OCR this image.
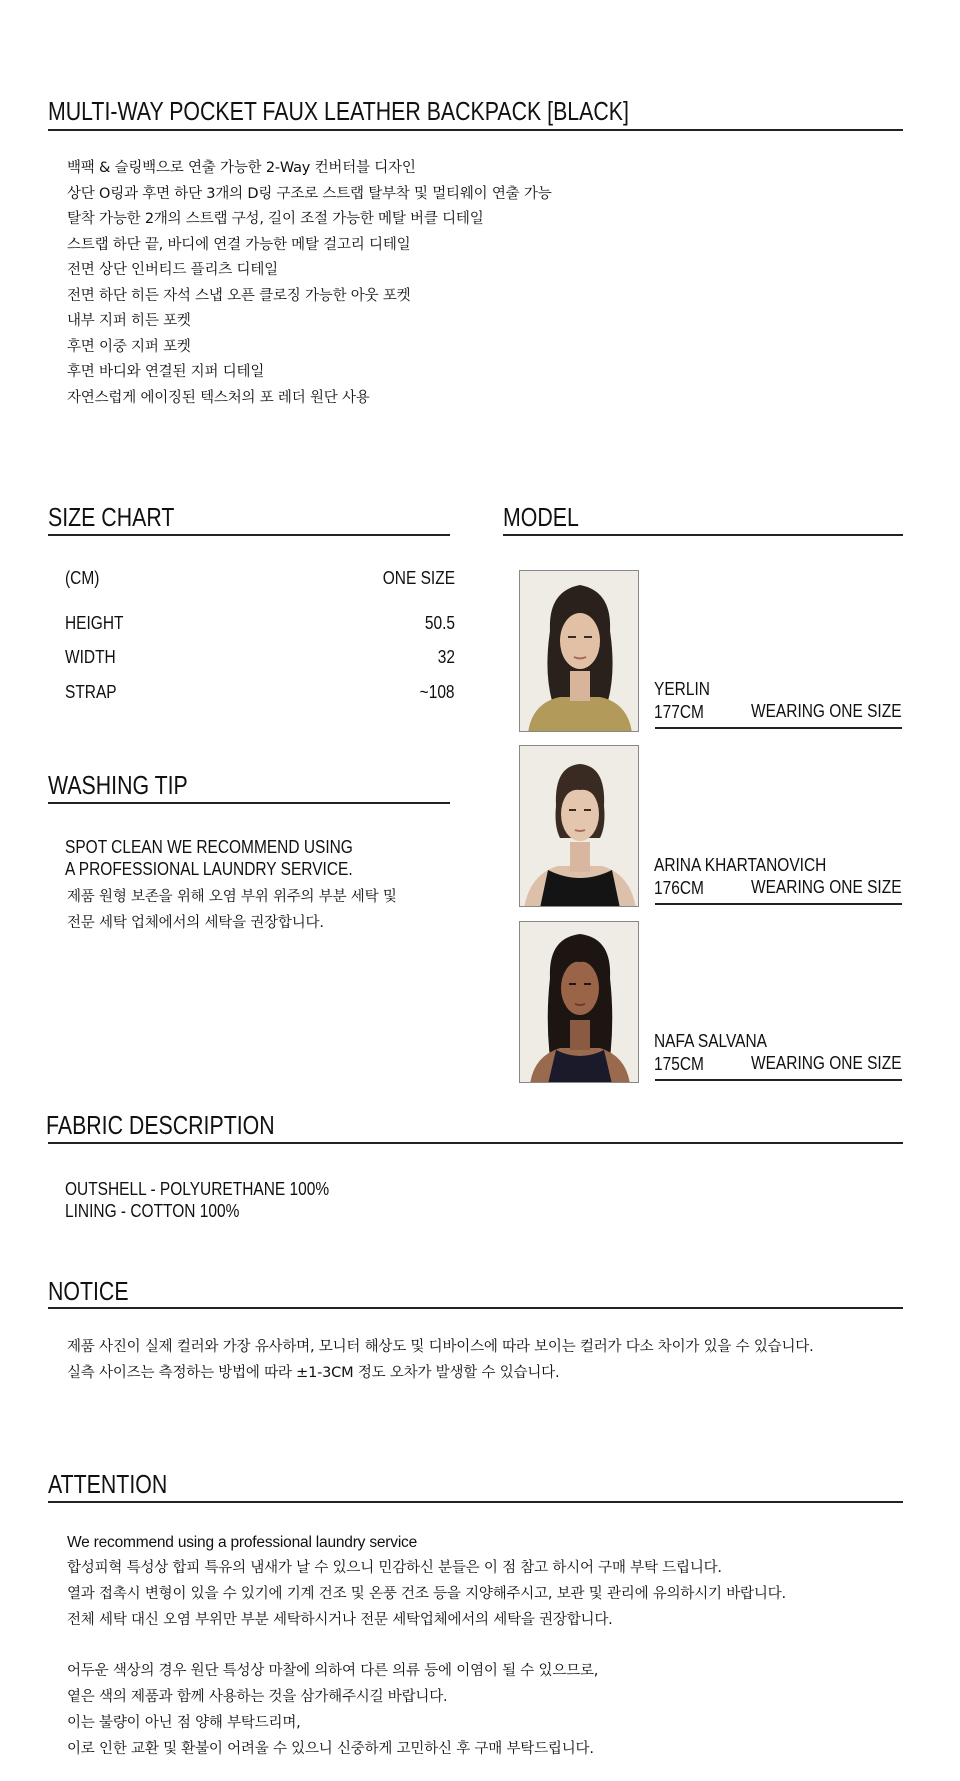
MULTI-WAY POCKET FAUX LEATHER BACKPACK [BLACK]
백팩 & 슬링백으로 연출 가능한 2-Way 컨버터블 디자인
상단 O링과 후면 하단 3개의 D링 구조로 스트랩 탈부착 및 멀티웨이 연출 가능
탈착 가능한 2개의 스트랩 구성, 길이 조절 가능한 메탈 버클 디테일
스트랩 하단 끝, 바디에 연결 가능한 메탈 걸고리 디테일
전면 상단 인버티드 플리츠 디테일
전면 하단 히든 자석 스냅 오픈 클로징 가능한 아웃 포켓
내부 지퍼 히든 포켓
후면 이중 지퍼 포켓
후면 바디와 연결된 지퍼 디테일
자연스럽게 에이징된 텍스처의 포 레더 원단 사용
SIZE CHART
(CM)	ONE SIZE
HEIGHT	50.5
WIDTH	32
STRAP	~108
WASHING TIP
SPOT CLEAN WE RECOMMEND USING
A PROFESSIONAL LAUNDRY SERVICE.
제품 원형 보존을 위해 오염 부위 위주의 부분 세탁 및
전문 세탁 업체에서의 세탁을 권장합니다.
MODEL
YERLIN
177CM	WEARING ONE SIZE
ARINA KHARTANOVICH
176CM	WEARING ONE SIZE
NAFA SALVANA
175CM	WEARING ONE SIZE
FABRIC DESCRIPTION
OUTSHELL - POLYURETHANE 100%
LINING - COTTON 100%
NOTICE
제품 사진이 실제 컬러와 가장 유사하며, 모니터 해상도 및 디바이스에 따라 보이는 컬러가 다소 차이가 있을 수 있습니다.
실측 사이즈는 측정하는 방법에 따라 ±1-3CM 정도 오차가 발생할 수 있습니다.
ATTENTION
We recommend using a professional laundry service
합성피혁 특성상 합피 특유의 냄새가 날 수 있으니 민감하신 분들은 이 점 참고 하시어 구매 부탁 드립니다.
열과 접촉시 변형이 있을 수 있기에 기계 건조 및 온풍 건조 등을 지양해주시고, 보관 및 관리에 유의하시기 바랍니다.
전체 세탁 대신 오염 부위만 부분 세탁하시거나 전문 세탁업체에서의 세탁을 권장합니다.
어두운 색상의 경우 원단 특성상 마찰에 의하여 다른 의류 등에 이염이 될 수 있으므로,
옅은 색의 제품과 함께 사용하는 것을 삼가해주시길 바랍니다.
이는 불량이 아닌 점 양해 부탁드리며,
이로 인한 교환 및 환불이 어려울 수 있으니 신중하게 고민하신 후 구매 부탁드립니다.
